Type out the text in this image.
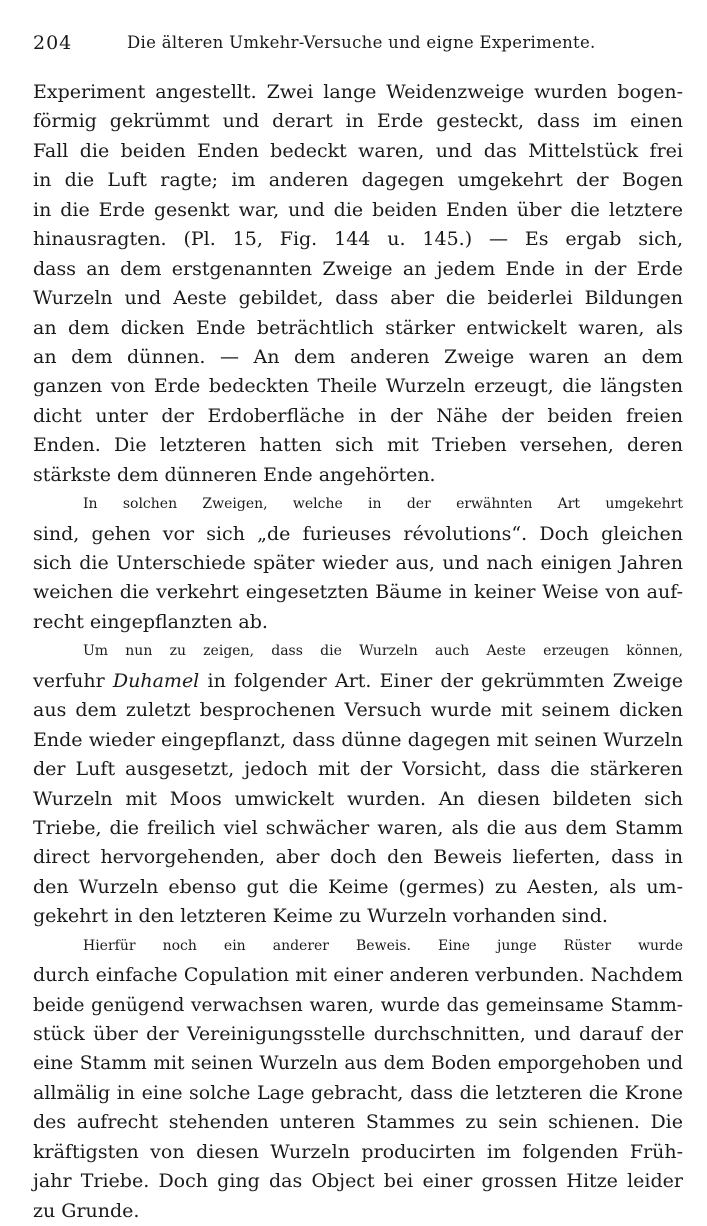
204	Die älteren Umkehr-Versuche und eigne Experimente.
Experiment angestellt. Zwei lange Weidenzweige wurden bogen-
förmig gekrümmt und derart in Erde gesteckt, dass im einen
Fall die beiden Enden bedeckt waren, und das Mittelstück frei
in die Luft ragte; im anderen dagegen umgekehrt der Bogen
in die Erde gesenkt war, und die beiden Enden über die letztere
hinausragten. (Pl. 15, Fig. 144 u. 145.) — Es ergab sich,
dass an dem erstgenannten Zweige an jedem Ende in der Erde
Wurzeln und Aeste gebildet, dass aber die beiderlei Bildungen
an dem dicken Ende beträchtlich stärker entwickelt waren, als
an dem dünnen. — An dem anderen Zweige waren an dem
ganzen von Erde bedeckten Theile Wurzeln erzeugt, die längsten
dicht unter der Erdoberfläche in der Nähe der beiden freien
Enden. Die letzteren hatten sich mit Trieben versehen, deren
stärkste dem dünneren Ende angehörten.
In solchen Zweigen, welche in der erwähnten Art umgekehrt
sind, gehen vor sich „de furieuses révolutions“. Doch gleichen
sich die Unterschiede später wieder aus, und nach einigen Jahren
weichen die verkehrt eingesetzten Bäume in keiner Weise von auf-
recht eingepflanzten ab.
Um nun zu zeigen, dass die Wurzeln auch Aeste erzeugen können,
verfuhr Duhamel in folgender Art. Einer der gekrümmten Zweige
aus dem zuletzt besprochenen Versuch wurde mit seinem dicken
Ende wieder eingepflanzt, dass dünne dagegen mit seinen Wurzeln
der Luft ausgesetzt, jedoch mit der Vorsicht, dass die stärkeren
Wurzeln mit Moos umwickelt wurden. An diesen bildeten sich
Triebe, die freilich viel schwächer waren, als die aus dem Stamm
direct hervorgehenden, aber doch den Beweis lieferten, dass in
den Wurzeln ebenso gut die Keime (germes) zu Aesten, als um-
gekehrt in den letzteren Keime zu Wurzeln vorhanden sind.
Hierfür noch ein anderer Beweis. Eine junge Rüster wurde
durch einfache Copulation mit einer anderen verbunden. Nachdem
beide genügend verwachsen waren, wurde das gemeinsame Stamm-
stück über der Vereinigungsstelle durchschnitten, und darauf der
eine Stamm mit seinen Wurzeln aus dem Boden emporgehoben und
allmälig in eine solche Lage gebracht, dass die letzteren die Krone
des aufrecht stehenden unteren Stammes zu sein schienen. Die
kräftigsten von diesen Wurzeln producirten im folgenden Früh-
jahr Triebe. Doch ging das Object bei einer grossen Hitze leider
zu Grunde.
